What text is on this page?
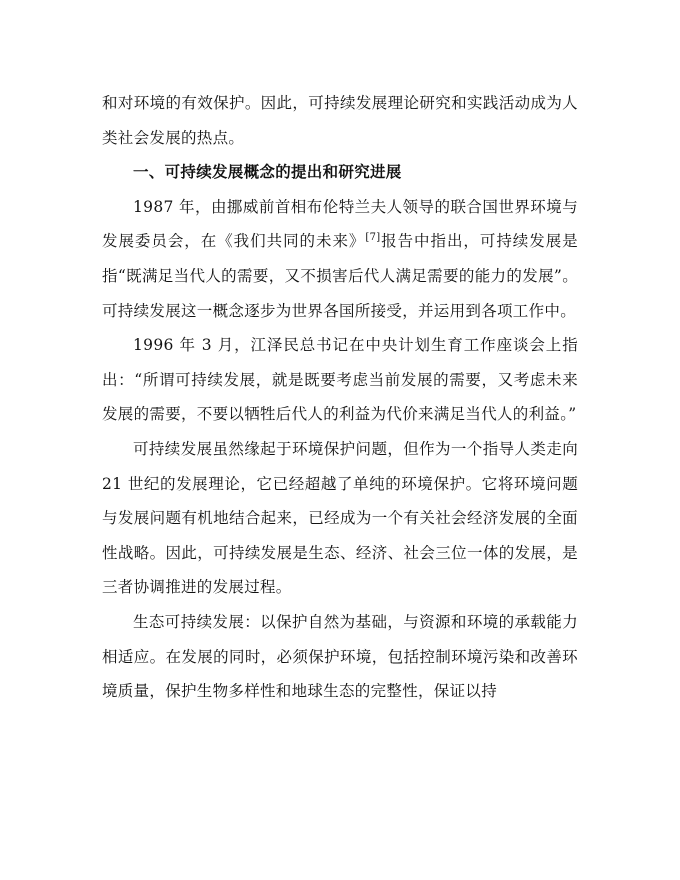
和对环境的有效保护。因此，可持续发展理论研究和实践活动成为人类社会发展的热点。

一、可持续发展概念的提出和研究进展

1987 年，由挪威前首相布伦特兰夫人领导的联合国世界环境与发展委员会，在《我们共同的未来》[7]报告中指出，可持续发展是指“既满足当代人的需要，又不损害后代人满足需要的能力的发展”。可持续发展这一概念逐步为世界各国所接受，并运用到各项工作中。

1996 年 3 月，江泽民总书记在中央计划生育工作座谈会上指出：“所谓可持续发展，就是既要考虑当前发展的需要，又考虑未来发展的需要，不要以牺牲后代人的利益为代价来满足当代人的利益。”

可持续发展虽然缘起于环境保护问题，但作为一个指导人类走向 21 世纪的发展理论，它已经超越了单纯的环境保护。它将环境问题与发展问题有机地结合起来，已经成为一个有关社会经济发展的全面性战略。因此，可持续发展是生态、经济、社会三位一体的发展，是三者协调推进的发展过程。

生态可持续发展：以保护自然为基础，与资源和环境的承载能力相适应。在发展的同时，必须保护环境，包括控制环境污染和改善环境质量，保护生物多样性和地球生态的完整性，保证以持
